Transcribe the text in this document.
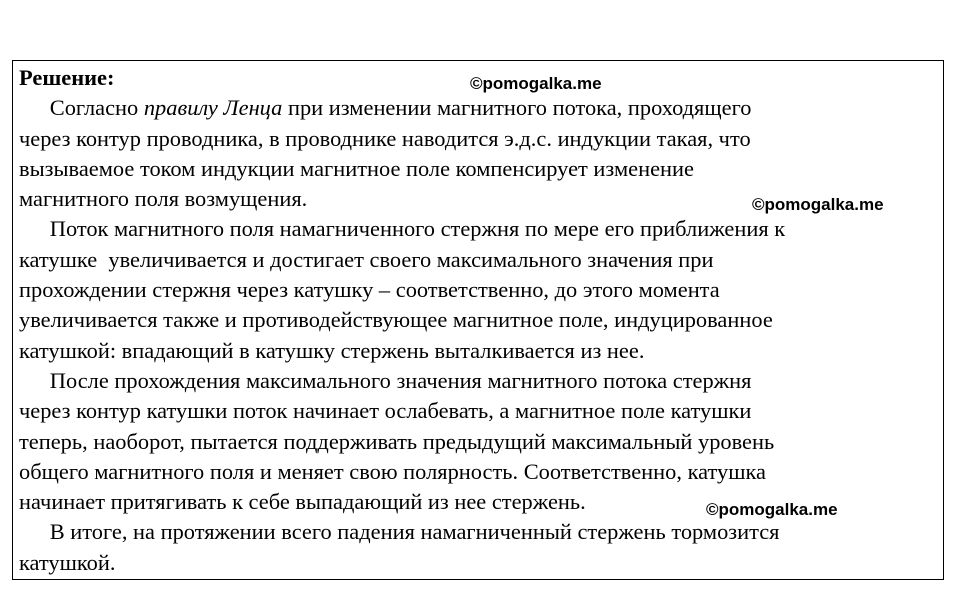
Решение:
Согласно правилу Ленца при изменении магнитного потока, проходящего
через контур проводника, в проводнике наводится э.д.с. индукции такая, что
вызываемое током индукции магнитное поле компенсирует изменение
магнитного поля возмущения.
Поток магнитного поля намагниченного стержня по мере его приближения к
катушке  увеличивается и достигает своего максимального значения при
прохождении стержня через катушку – соответственно, до этого момента
увеличивается также и противодействующее магнитное поле, индуцированное
катушкой: впадающий в катушку стержень выталкивается из нее.
После прохождения максимального значения магнитного потока стержня
через контур катушки поток начинает ослабевать, а магнитное поле катушки
теперь, наоборот, пытается поддерживать предыдущий максимальный уровень
общего магнитного поля и меняет свою полярность. Соответственно, катушка
начинает притягивать к себе выпадающий из нее стержень.
В итоге, на протяжении всего падения намагниченный стержень тормозится
катушкой.
©pomogalka.me
©pomogalka.me
©pomogalka.me
